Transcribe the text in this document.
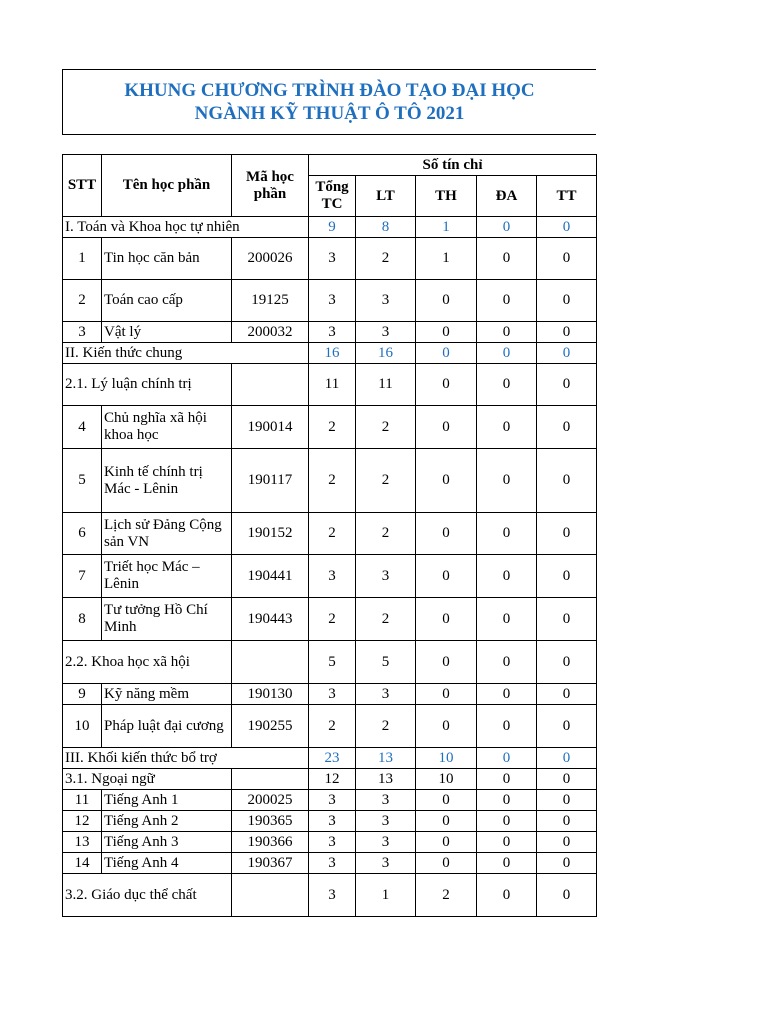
KHUNG CHƯƠNG TRÌNH ĐÀO TẠO ĐẠI HỌC
NGÀNH KỸ THUẬT Ô TÔ 2021
STT	Tên học phần	Mã học phần	Số tín chỉ				
			Tổng TC	LT	TH	ĐA	TT
I. Toán và Khoa học tự nhiên			9	8	1	0	0
1	Tin học căn bản	200026	3	2	1	0	0
2	Toán cao cấp	19125	3	3	0	0	0
3	Vật lý	200032	3	3	0	0	0
II. Kiến thức chung			16	16	0	0	0
2.1. Lý luận chính trị			11	11	0	0	0
4	Chủ nghĩa xã hội khoa học	190014	2	2	0	0	0
5	Kinh tế chính trị Mác - Lênin	190117	2	2	0	0	0
6	Lịch sử Đảng Cộng sản VN	190152	2	2	0	0	0
7	Triết học Mác – Lênin	190441	3	3	0	0	0
8	Tư tưởng Hồ Chí Minh	190443	2	2	0	0	0
2.2. Khoa học xã hội			5	5	0	0	0
9	Kỹ năng mềm	190130	3	3	0	0	0
10	Pháp luật đại cương	190255	2	2	0	0	0
III. Khối kiến thức bổ trợ			23	13	10	0	0
3.1. Ngoại ngữ			12	13	10	0	0
11	Tiếng Anh 1	200025	3	3	0	0	0
12	Tiếng Anh 2	190365	3	3	0	0	0
13	Tiếng Anh 3	190366	3	3	0	0	0
14	Tiếng Anh 4	190367	3	3	0	0	0
3.2. Giáo dục thể chất			3	1	2	0	0
